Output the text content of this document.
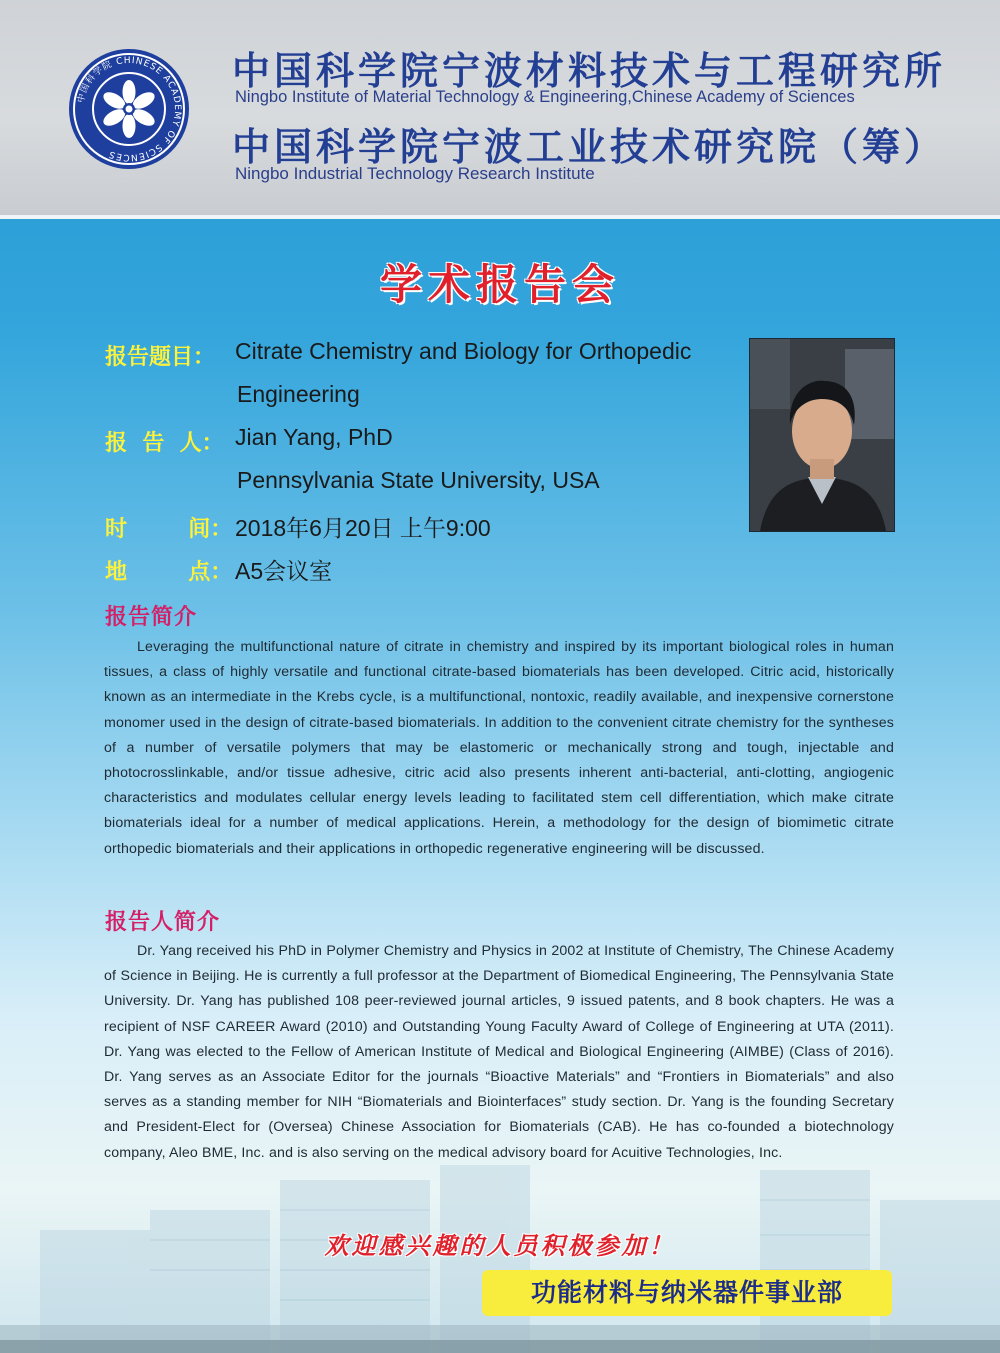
中国科学院 CHINESE ACADEMY OF SCIENCES
中国科学院宁波材料技术与工程研究所
Ningbo Institute of Material Technology & Engineering,Chinese Academy of Sciences
中国科学院宁波工业技术研究院（筹）
Ningbo Industrial Technology Research Institute
学术报告会
报告题目： Citrate Chemistry and Biology for Orthopedic
Engineering
报  告  人： Jian Yang, PhD
Pennsylvania State University, USA
时        间： 2018年6月20日 上午9:00
地        点： A5会议室
报告简介

Leveraging the multifunctional nature of citrate in chemistry and inspired by its important biological roles in human tissues, a class of highly versatile and functional citrate-based biomaterials has been developed. Citric acid, historically known as an intermediate in the Krebs cycle, is a multifunctional, nontoxic, readily available, and inexpensive cornerstone monomer used in the design of citrate-based biomaterials. In addition to the convenient citrate chemistry for the syntheses of a number of versatile polymers that may be elastomeric or mechanically strong and tough, injectable and photocrosslinkable, and/or tissue adhesive, citric acid also presents inherent anti-bacterial, anti-clotting, angiogenic characteristics and modulates cellular energy levels leading to facilitated stem cell differentiation, which make citrate biomaterials ideal for a number of medical applications. Herein, a methodology for the design of biomimetic citrate orthopedic biomaterials and their applications in orthopedic regenerative engineering will be discussed.

报告人简介

Dr. Yang received his PhD in Polymer Chemistry and Physics in 2002 at Institute of Chemistry, The Chinese Academy of Science in Beijing. He is currently a full professor at the Department of Biomedical Engineering, The Pennsylvania State University. Dr. Yang has published 108 peer-reviewed journal articles, 9 issued patents, and 8 book chapters. He was a recipient of NSF CAREER Award (2010) and Outstanding Young Faculty Award of College of Engineering at UTA (2011). Dr. Yang was elected to the Fellow of American Institute of Medical and Biological Engineering (AIMBE) (Class of 2016). Dr. Yang serves as an Associate Editor for the journals “Bioactive Materials” and “Frontiers in Biomaterials” and also serves as a standing member for NIH “Biomaterials and Biointerfaces” study section. Dr. Yang is the founding Secretary and President-Elect for (Oversea) Chinese Association for Biomaterials (CAB). He has co-founded a biotechnology company, Aleo BME, Inc. and is also serving on the medical advisory board for Acuitive Technologies, Inc.

欢迎感兴趣的人员积极参加！
功能材料与纳米器件事业部
